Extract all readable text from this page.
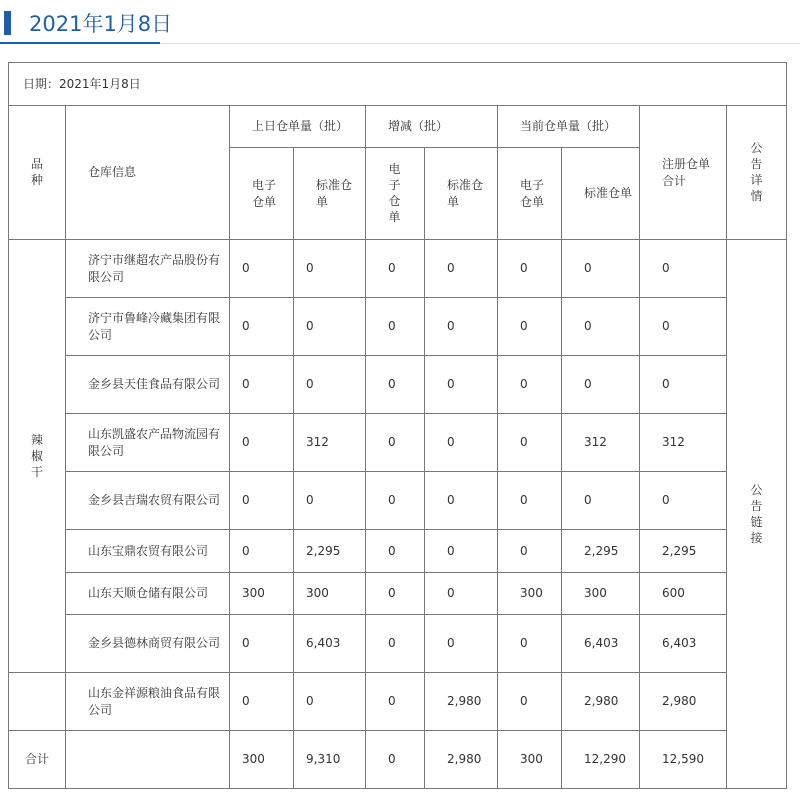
2021年1月8日
日期：2021年1月8日									
品种	仓库信息	上日仓单量（批）		增减（批）		当前仓单量（批）		注册仓单合计	公告详情
		电子仓单	标准仓单	电子仓单	标准仓单	电子仓单	标准仓单		
辣椒干	济宁市继超农产品股份有限公司	0	0	0	0	0	0	0	公告链接
	济宁市鲁峰冷藏集团有限公司	0	0	0	0	0	0	0	
	金乡县天佳食品有限公司	0	0	0	0	0	0	0	
	山东凯盛农产品物流园有限公司	0	312	0	0	0	312	312	
	金乡县吉瑞农贸有限公司	0	0	0	0	0	0	0	
	山东宝鼎农贸有限公司	0	2,295	0	0	0	2,295	2,295	
	山东天顺仓储有限公司	300	300	0	0	300	300	600	
	金乡县德林商贸有限公司	0	6,403	0	0	0	6,403	6,403	
	山东金祥源粮油食品有限公司	0	0	0	2,980	0	2,980	2,980	
合计		300	9,310	0	2,980	300	12,290	12,590	
